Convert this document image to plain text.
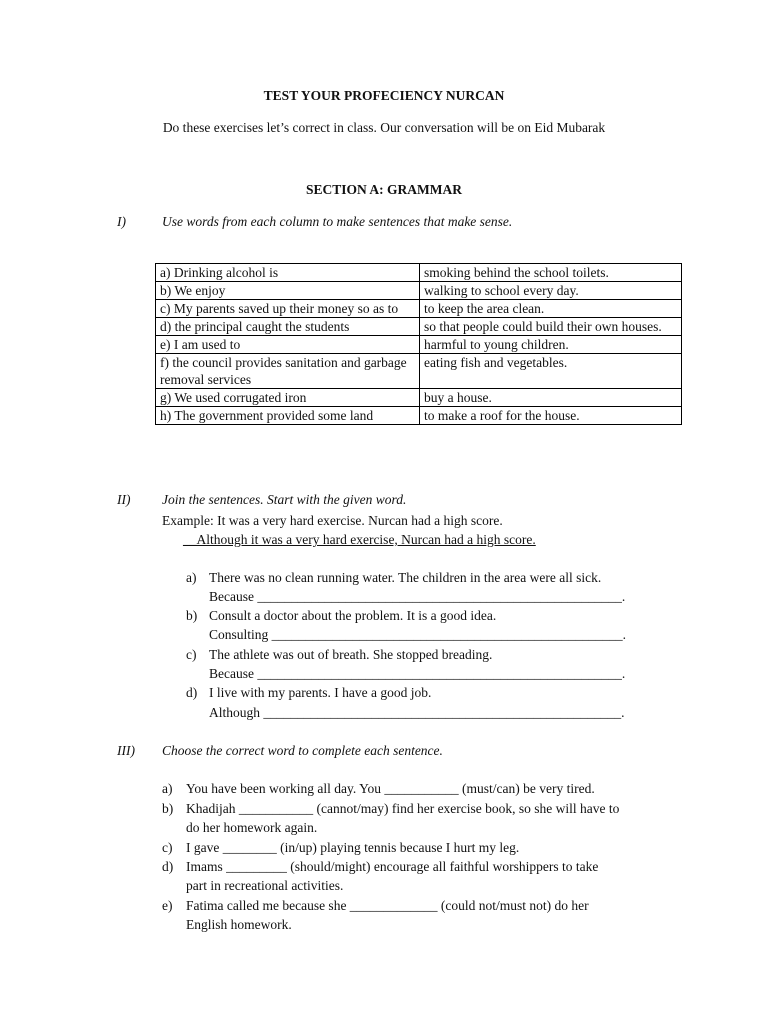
TEST YOUR PROFECIENCY NURCAN
Do these exercises let’s correct in class. Our conversation will be on Eid Mubarak
SECTION A: GRAMMAR
I)	Use words from each column to make sentences that make sense.
a) Drinking alcohol is	smoking behind the school toilets.
b) We enjoy	walking to school every day.
c) My parents saved up their money so as to	to keep the area clean.
d) the principal caught the students	so that people could build their own houses.
e) I am used to	harmful to young children.
f) the council provides sanitation and garbage removal services	eating fish and vegetables.
g) We used corrugated iron	buy a house.
h) The government provided some land	to make a roof for the house.
II) Join the sentences. Start with the given word.
Example: It was a very hard exercise. Nurcan had a high score.
__Although it was a very hard exercise, Nurcan had a high score.
a) There was no clean running water. The children in the area were all sick.
Because ______________________________________________________.
b) Consult a doctor about the problem. It is a good idea.
Consulting ____________________________________________________.
c) The athlete was out of breath. She stopped breading.
Because ______________________________________________________.
d) I live with my parents. I have a good job.
Although _____________________________________________________.
III) Choose the correct word to complete each sentence.
a) You have been working all day. You ___________ (must/can) be very tired.
b) Khadijah ___________ (cannot/may) find her exercise book, so she will have to
do her homework again.
c) I gave ________ (in/up) playing tennis because I hurt my leg.
d) Imams _________ (should/might) encourage all faithful worshippers to take
part in recreational activities.
e) Fatima called me because she _____________ (could not/must not) do her
English homework.
